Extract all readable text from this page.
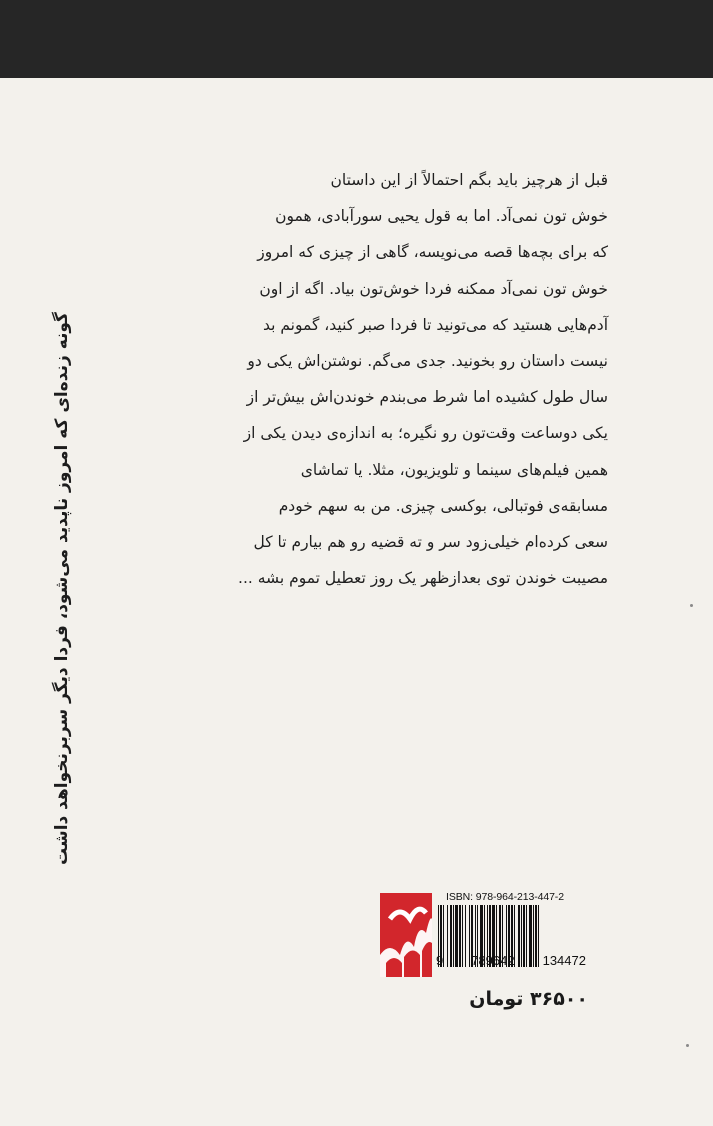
قبل از هرچیز باید بگم احتمالاً از این داستان
خوش تون نمی‌آد. اما به قول یحیی سورآبادی، همون
که برای بچه‌ها قصه می‌نویسه، گاهی از چیزی که امروز
خوش تون نمی‌آد ممکنه فردا خوش‌تون بیاد. اگه از اون
آدم‌هایی هستید که می‌تونید تا فردا صبر کنید، گمونم بد
نیست داستان رو بخونید. جدی می‌گم. نوشتن‌اش یکی دو
سال طول کشیده اما شرط می‌بندم خوندن‌اش بیش‌تر از
یکی دوساعت وقت‌تون رو نگیره؛ به اندازه‌ی دیدن یکی از
همین فیلم‌های سینما و تلویزیون، مثلا. یا تماشای
مسابقه‌ی فوتبالی، بوکسی چیزی. من به سهم خودم
سعی کرده‌ام خیلی‌زود سر و ته قضیه رو هم بیارم تا کل
مصیبت خوندن توی بعدازظهر یک روز تعطیل تموم بشه ...
گونه زنده‌ای که امروز ناپدید می‌شود، فردا دیگر سربرنخواهد داشت
ISBN: 978-964-213-447-2
9 789642 134472
۳۶۵۰۰ تومان
